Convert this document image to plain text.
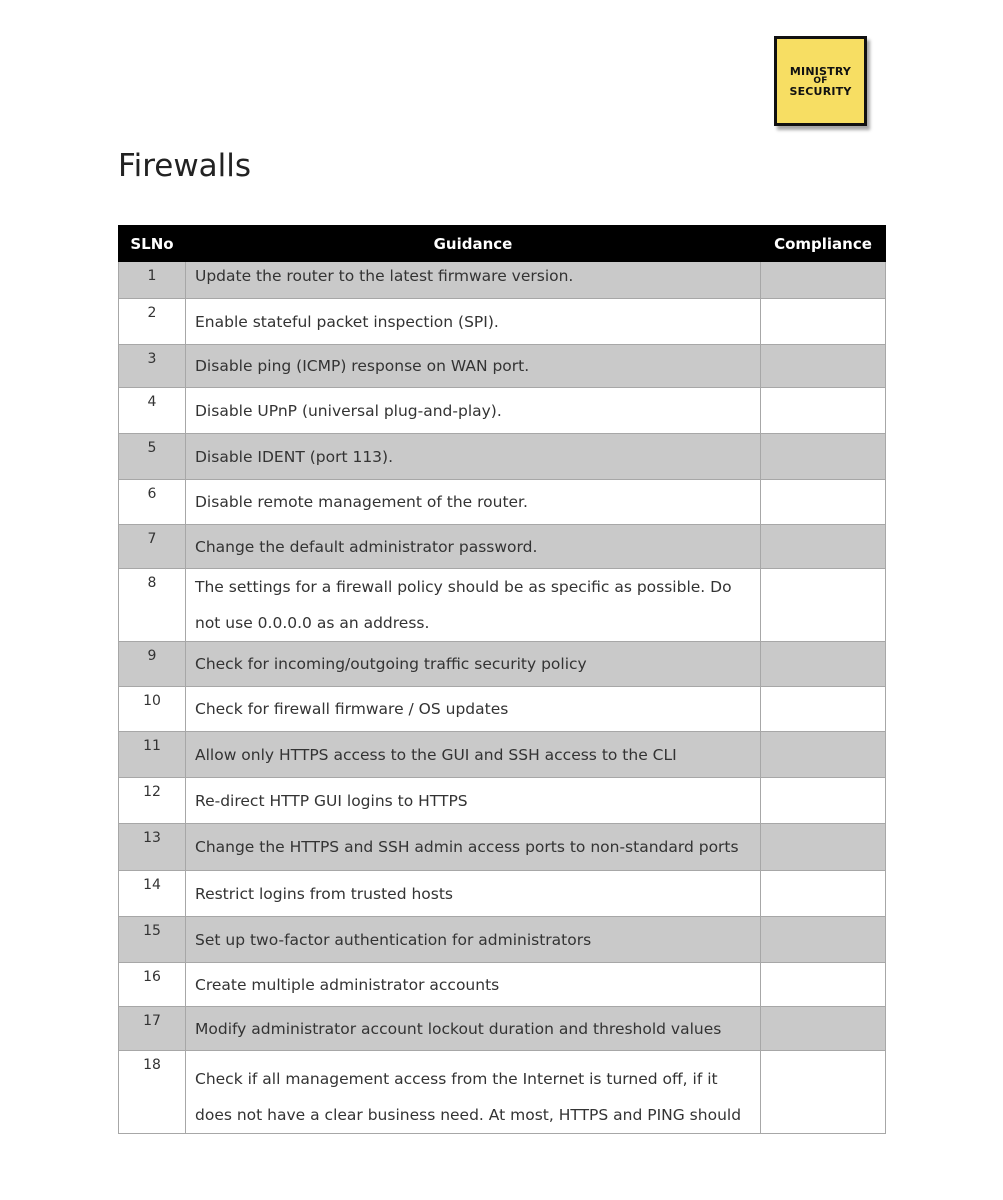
MINISTRY
OF
SECURITY
Firewalls
SLNo	Guidance	Compliance
1	Update the router to the latest firmware version.	
2	Enable stateful packet inspection (SPI).	
3	Disable ping (ICMP) response on WAN port.	
4	Disable UPnP (universal plug-and-play).	
5	Disable IDENT (port 113).	
6	Disable remote management of the router.	
7	Change the default administrator password.	
8	The settings for a firewall policy should be as specific as possible. Do not use 0.0.0.0 as an address.	
9	Check for incoming/outgoing traffic security policy	
10	Check for firewall firmware / OS updates	
11	Allow only HTTPS access to the GUI and SSH access to the CLI	
12	Re-direct HTTP GUI logins to HTTPS	
13	Change the HTTPS and SSH admin access ports to non-standard ports	
14	Restrict logins from trusted hosts	
15	Set up two-factor authentication for administrators	
16	Create multiple administrator accounts	
17	Modify administrator account lockout duration and threshold values	
18	Check if all management access from the Internet is turned off, if it does not have a clear business need. At most, HTTPS and PING should	
